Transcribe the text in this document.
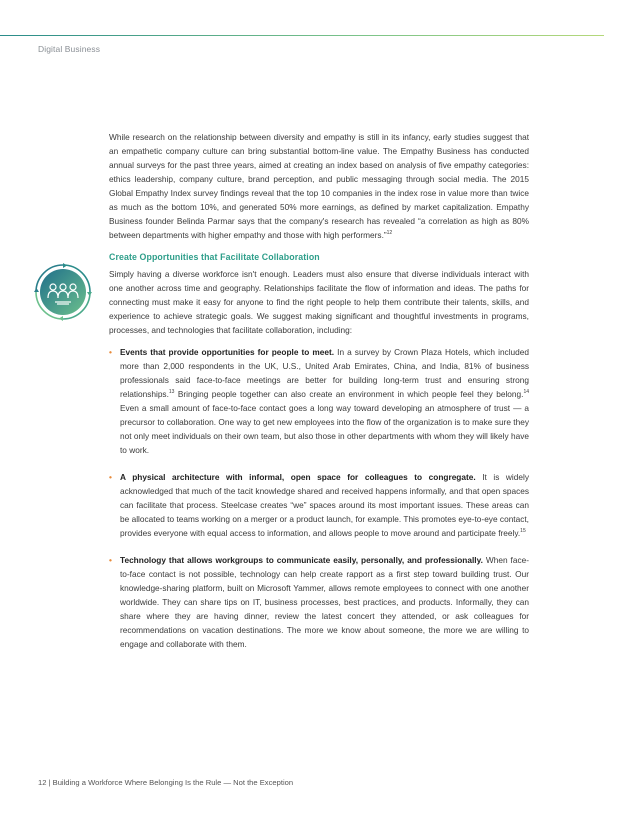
Digital Business

While research on the relationship between diversity and empathy is still in its infancy, early studies suggest that an empathetic company culture can bring substantial bottom-line value. The Empathy Business has conducted annual surveys for the past three years, aimed at creating an index based on analysis of five empathy categories: ethics leadership, company culture, brand perception, and public messaging through social media. The 2015 Global Empathy Index survey findings reveal that the top 10 companies in the index rose in value more than twice as much as the bottom 10%, and generated 50% more earnings, as defined by market capitalization. Empathy Business founder Belinda Parmar says that the company's research has revealed “a correlation as high as 80% between departments with higher empathy and those with high performers.”$^{12}$

Create Opportunities that Facilitate Collaboration

Simply having a diverse workforce isn't enough. Leaders must also ensure that diverse individuals interact with one another across time and geography. Relationships facilitate the flow of information and ideas. The paths for connecting must make it easy for anyone to find the right people to help them contribute their talents, skills, and experience to achieve strategic goals. We suggest making significant and thoughtful investments in programs, processes, and technologies that facilitate collaboration, including:

• Events that provide opportunities for people to meet. In a survey by Crown Plaza Hotels, which included more than 2,000 respondents in the UK, U.S., United Arab Emirates, China, and India, 81% of business professionals said face-to-face meetings are better for building long-term trust and ensuring strong relationships.$^{13}$ Bringing people together can also create an environment in which people feel they belong.$^{14}$ Even a small amount of face-to-face contact goes a long way toward developing an atmosphere of trust — a precursor to collaboration. One way to get new employees into the flow of the organization is to make sure they not only meet individuals on their own team, but also those in other departments with whom they will likely have to work.
• A physical architecture with informal, open space for colleagues to congregate. It is widely acknowledged that much of the tacit knowledge shared and received happens informally, and that open spaces can facilitate that process. Steelcase creates “we” spaces around its most important issues. These areas can be allocated to teams working on a merger or a product launch, for example. This promotes eye-to-eye contact, provides everyone with equal access to information, and allows people to move around and participate freely.$^{15}$
• Technology that allows workgroups to communicate easily, personally, and professionally. When face-to-face contact is not possible, technology can help create rapport as a first step toward building trust. Our knowledge-sharing platform, built on Microsoft Yammer, allows remote employees to connect with one another worldwide. They can share tips on IT, business processes, best practices, and products. Informally, they can share where they are having dinner, review the latest concert they attended, or ask colleagues for recommendations on vacation destinations. The more we know about someone, the more we are willing to engage and collaborate with them.
12 | Building a Workforce Where Belonging Is the Rule — Not the Exception
